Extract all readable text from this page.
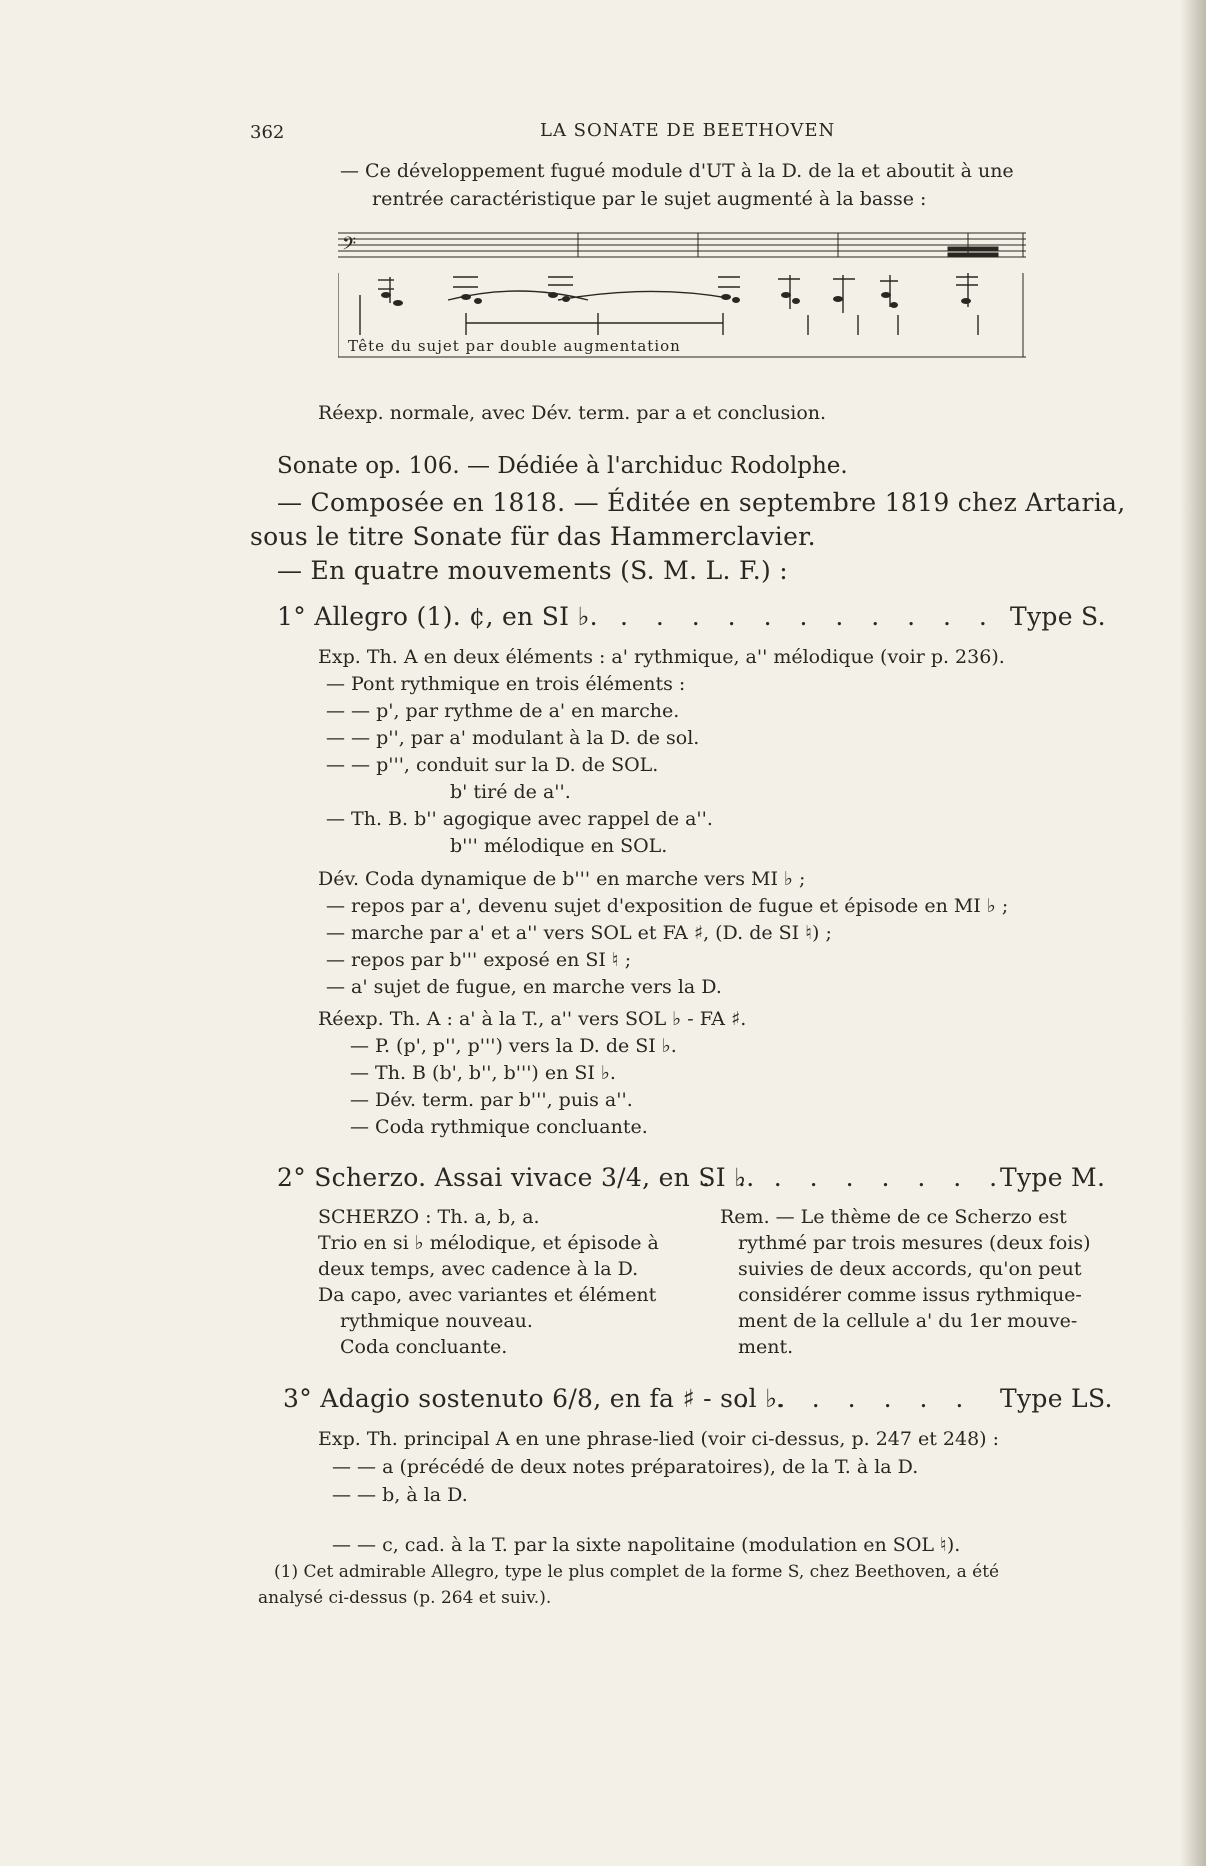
362	LA SONATE DE BEETHOVEN
— Ce développement fugué module d'UT à la D. de la et aboutit à une
rentrée caractéristique par le sujet augmenté à la basse :
𝄢
Tête du sujet par double augmentation
Réexp. normale, avec Dév. term. par a et conclusion.
Sonate op. 106. — Dédiée à l'archiduc Rodolphe.
— Composée en 1818. — Éditée en septembre 1819 chez Artaria,
sous le titre Sonate für das Hammerclavier.
— En quatre mouvements (S. M. L. F.) :
1° Allegro (1). ¢, en SI ♭. . . . . . . . . . . . Type S.
Exp. Th. A en deux éléments : a' rythmique, a'' mélodique (voir p. 236).
— Pont rythmique en trois éléments :
— — p', par rythme de a' en marche.
— — p'', par a' modulant à la D. de sol.
— — p''', conduit sur la D. de SOL.
b' tiré de a''.
— Th. B. b'' agogique avec rappel de a''.
b''' mélodique en SOL.
Dév. Coda dynamique de b''' en marche vers MI ♭ ;
— repos par a', devenu sujet d'exposition de fugue et épisode en MI ♭ ;
— marche par a' et a'' vers SOL et FA ♯, (D. de SI ♮) ;
— repos par b''' exposé en SI ♮ ;
— a' sujet de fugue, en marche vers la D.
Réexp. Th. A : a' à la T., a'' vers SOL ♭ - FA ♯.
— P. (p', p'', p''') vers la D. de SI ♭.
— Th. B (b', b'', b''') en SI ♭.
— Dév. term. par b''', puis a''.
— Coda rythmique concluante.
2° Scherzo. Assai vivace 3/4, en SI ♭.
. . . . . . . . .
Type M.
SCHERZO : Th. a, b, a.
Trio en si ♭ mélodique, et épisode à
deux temps, avec cadence à la D.
Da capo, avec variantes et élément
rythmique nouveau.
Coda concluante.
Rem. — Le thème de ce Scherzo est
rythmé par trois mesures (deux fois)
suivies de deux accords, qu'on peut
considérer comme issus rythmique-
ment de la cellule a' du 1er mouve-
ment.
3° Adagio sostenuto 6/8, en fa ♯ - sol ♭.
. . . . . . . Type LS.
Exp. Th. principal A en une phrase-lied (voir ci-dessus, p. 247 et 248) :
— — a (précédé de deux notes préparatoires), de la T. à la D.
— — b, à la D.
— — c, cad. à la T. par la sixte napolitaine (modulation en SOL ♮).
(1) Cet admirable Allegro, type le plus complet de la forme S, chez Beethoven, a été
analysé ci-dessus (p. 264 et suiv.).
